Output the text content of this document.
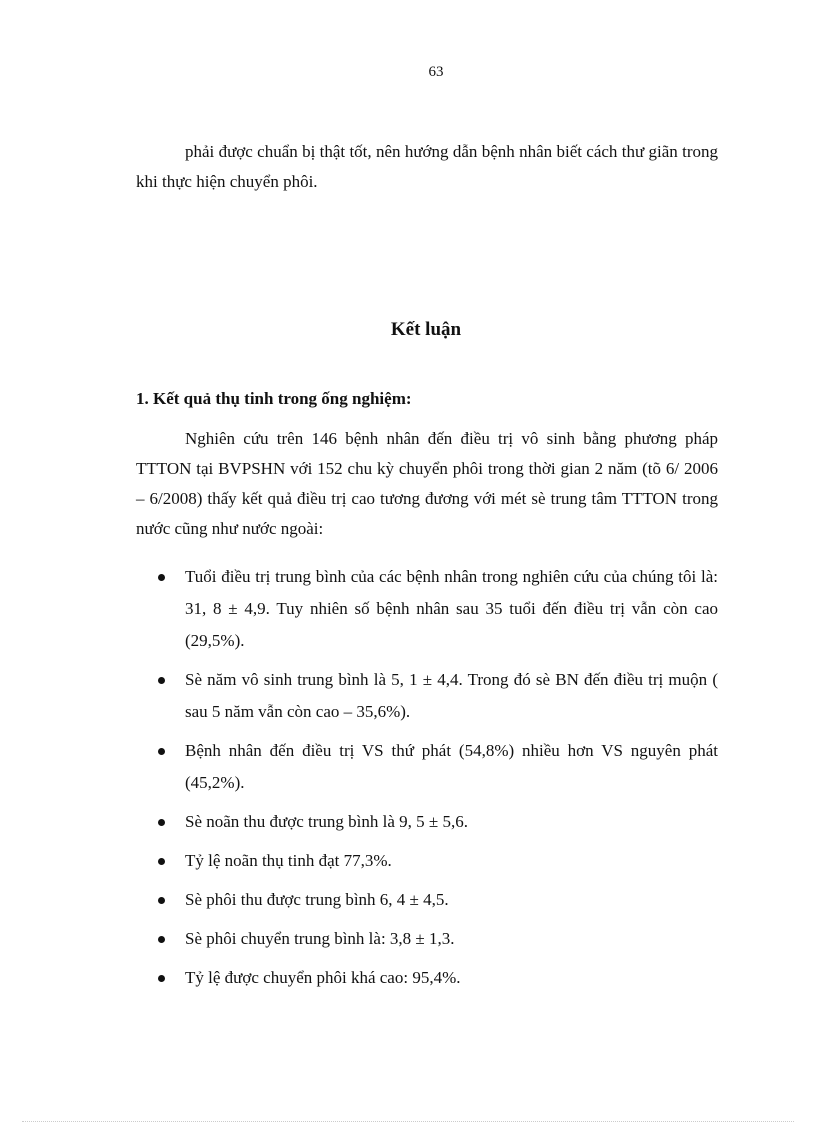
63

phải được chuẩn bị thật tốt, nên hướng dẫn bệnh nhân biết cách thư giãn trong khi thực hiện chuyển phôi.

Kết luận
1. Kết quả thụ tinh trong ống nghiệm:

Nghiên cứu trên 146 bệnh nhân đến điều trị vô sinh bằng phương pháp TTTON tại BVPSHN với 152 chu kỳ chuyển phôi trong thời gian 2 năm (tõ 6/ 2006 – 6/2008) thấy kết quả điều trị cao tương đương với mét sè trung tâm TTTON trong nước cũng như nước ngoài:

Tuổi điều trị trung bình của các bệnh nhân trong nghiên cứu của chúng tôi là: 31, 8 ± 4,9. Tuy nhiên số bệnh nhân sau 35 tuổi đến điều trị vẫn còn cao (29,5%).
Sè năm vô sinh trung bình là 5, 1 ± 4,4. Trong đó sè BN đến điều trị muộn ( sau 5 năm vẫn còn cao – 35,6%).
Bệnh nhân đến điều trị VS thứ phát (54,8%) nhiều hơn VS nguyên phát (45,2%).
Sè noãn thu được trung bình là 9, 5 ± 5,6.
Tỷ lệ noãn thụ tinh đạt 77,3%.
Sè phôi thu được trung bình 6, 4 ± 4,5.
Sè phôi chuyển trung bình là: 3,8 ± 1,3.
Tỷ lệ được chuyển phôi khá cao: 95,4%.
